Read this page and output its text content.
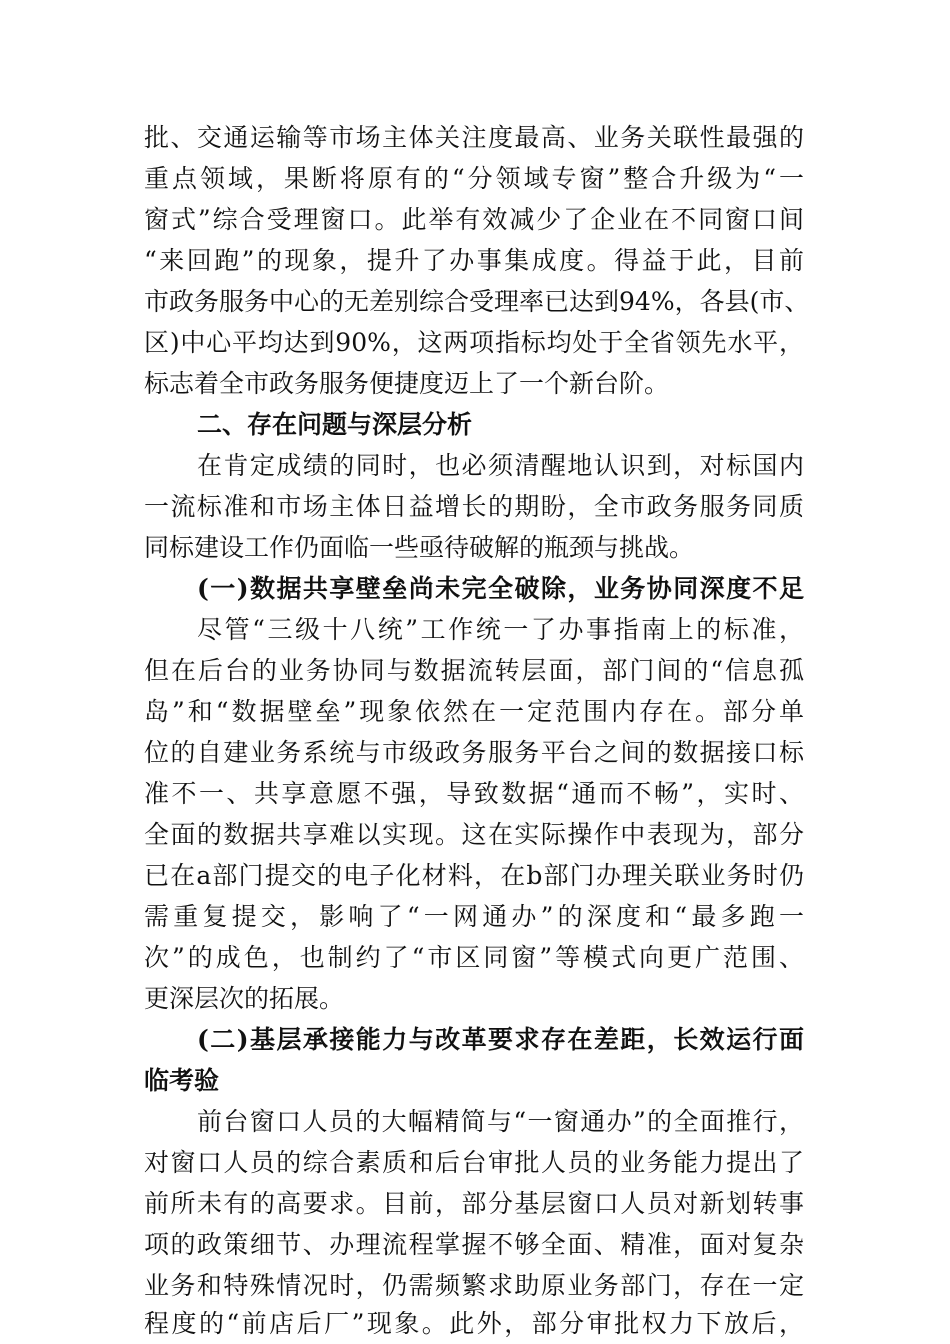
批、交通运输等市场主体关注度最高、业务关联性最强的
重点领域，果断将原有的“分领域专窗”整合升级为“一
窗式”综合受理窗口。此举有效减少了企业在不同窗口间
“来回跑”的现象，提升了办事集成度。得益于此，目前
市政务服务中心的无差别综合受理率已达到94%，各县(市、
区)中心平均达到90%，这两项指标均处于全省领先水平，
标志着全市政务服务便捷度迈上了一个新台阶。
二、存在问题与深层分析
在肯定成绩的同时，也必须清醒地认识到，对标国内
一流标准和市场主体日益增长的期盼，全市政务服务同质
同标建设工作仍面临一些亟待破解的瓶颈与挑战。
(一)数据共享壁垒尚未完全破除，业务协同深度不足
尽管“三级十八统”工作统一了办事指南上的标准，
但在后台的业务协同与数据流转层面，部门间的“信息孤
岛”和“数据壁垒”现象依然在一定范围内存在。部分单
位的自建业务系统与市级政务服务平台之间的数据接口标
准不一、共享意愿不强，导致数据“通而不畅”，实时、
全面的数据共享难以实现。这在实际操作中表现为，部分
已在a部门提交的电子化材料，在b部门办理关联业务时仍
需重复提交，影响了“一网通办”的深度和“最多跑一
次”的成色，也制约了“市区同窗”等模式向更广范围、
更深层次的拓展。
(二)基层承接能力与改革要求存在差距，长效运行面
临考验
前台窗口人员的大幅精简与“一窗通办”的全面推行，
对窗口人员的综合素质和后台审批人员的业务能力提出了
前所未有的高要求。目前，部分基层窗口人员对新划转事
项的政策细节、办理流程掌握不够全面、精准，面对复杂
业务和特殊情况时，仍需频繁求助原业务部门，存在一定
程度的“前店后厂”现象。此外，部分审批权力下放后，
